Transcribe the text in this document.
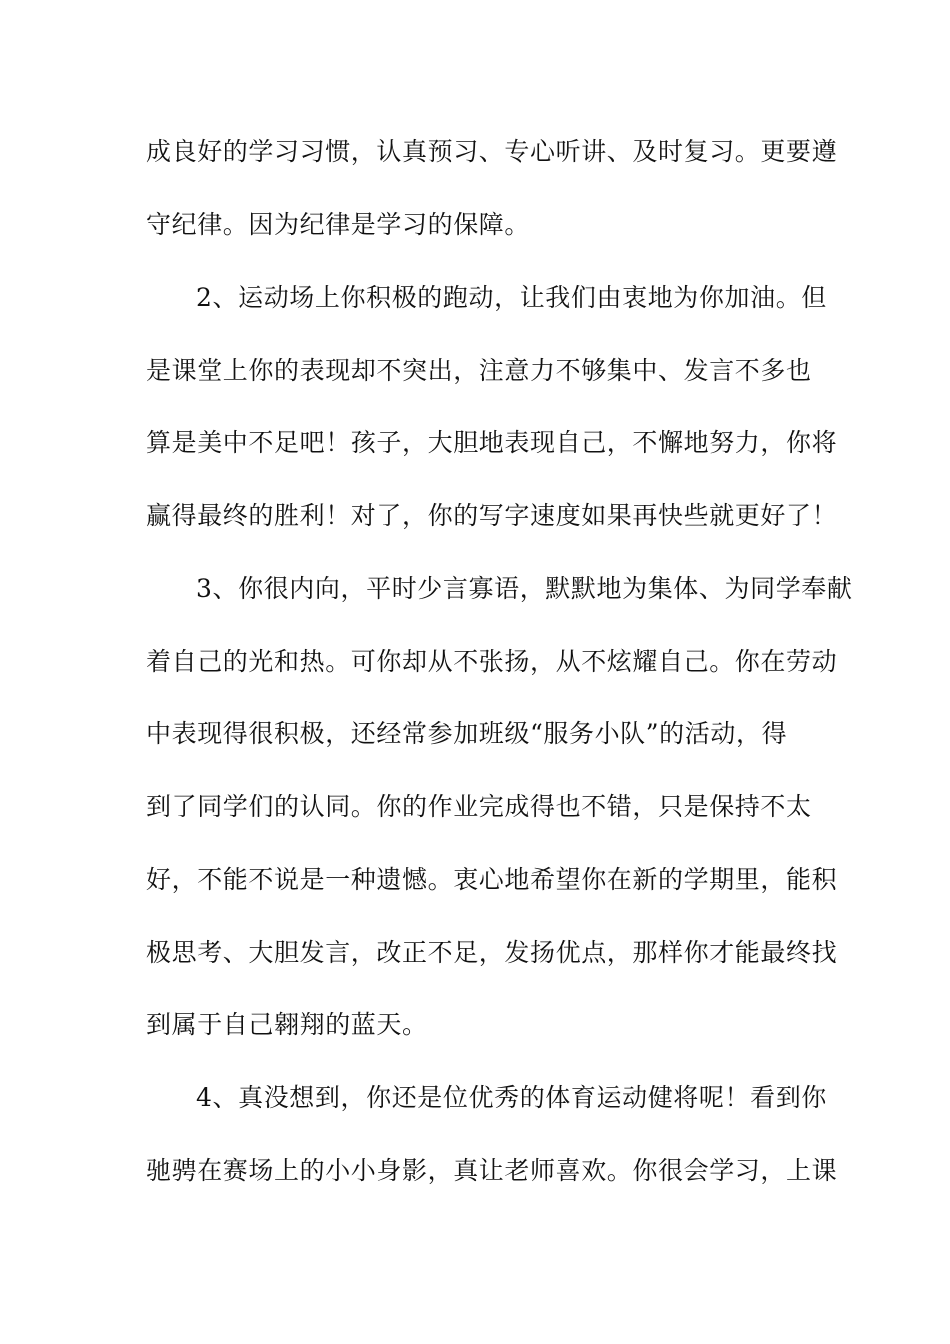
成良好的学习习惯，认真预习、专心听讲、及时复习。更要遵
守纪律。因为纪律是学习的保障。
2、运动场上你积极的跑动，让我们由衷地为你加油。但
是课堂上你的表现却不突出，注意力不够集中、发言不多也
算是美中不足吧！孩子，大胆地表现自己，不懈地努力，你将
赢得最终的胜利！对了，你的写字速度如果再快些就更好了！
3、你很内向，平时少言寡语，默默地为集体、为同学奉献
着自己的光和热。可你却从不张扬，从不炫耀自己。你在劳动
中表现得很积极，还经常参加班级“服务小队”的活动，得
到了同学们的认同。你的作业完成得也不错，只是保持不太
好，不能不说是一种遗憾。衷心地希望你在新的学期里，能积
极思考、大胆发言，改正不足，发扬优点，那样你才能最终找
到属于自己翱翔的蓝天。
4、真没想到，你还是位优秀的体育运动健将呢！看到你
驰骋在赛场上的小小身影，真让老师喜欢。你很会学习，上课
